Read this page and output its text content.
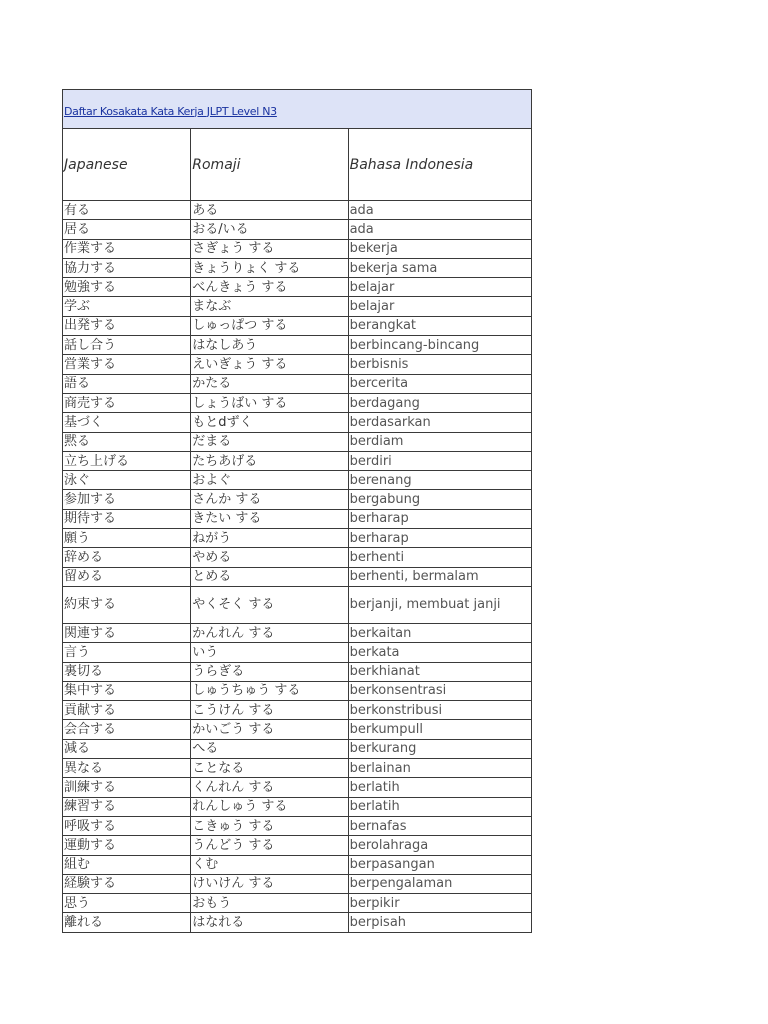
Daftar Kosakata Kata Kerja JLPT Level N3		
Japanese	Romaji	Bahasa Indonesia
有る	ある	ada
居る	おる/いる	ada
作業する	さぎょう する	bekerja
協力する	きょうりょく する	bekerja sama
勉強する	べんきょう する	belajar
学ぶ	まなぶ	belajar
出発する	しゅっぱつ する	berangkat
話し合う	はなしあう	berbincang-bincang
営業する	えいぎょう する	berbisnis
語る	かたる	bercerita
商売する	しょうばい する	berdagang
基づく	もとdずく	berdasarkan
黙る	だまる	berdiam
立ち上げる	たちあげる	berdiri
泳ぐ	およぐ	berenang
参加する	さんか する	bergabung
期待する	きたい する	berharap
願う	ねがう	berharap
辞める	やめる	berhenti
留める	とめる	berhenti, bermalam
約束する	やくそく する	berjanji, membuat janji
関連する	かんれん する	berkaitan
言う	いう	berkata
裏切る	うらぎる	berkhianat
集中する	しゅうちゅう する	berkonsentrasi
貢献する	こうけん する	berkonstribusi
会合する	かいごう する	berkumpull
減る	へる	berkurang
異なる	ことなる	berlainan
訓練する	くんれん する	berlatih
練習する	れんしゅう する	berlatih
呼吸する	こきゅう する	bernafas
運動する	うんどう する	berolahraga
組む	くむ	berpasangan
経験する	けいけん する	berpengalaman
思う	おもう	berpikir
離れる	はなれる	berpisah
